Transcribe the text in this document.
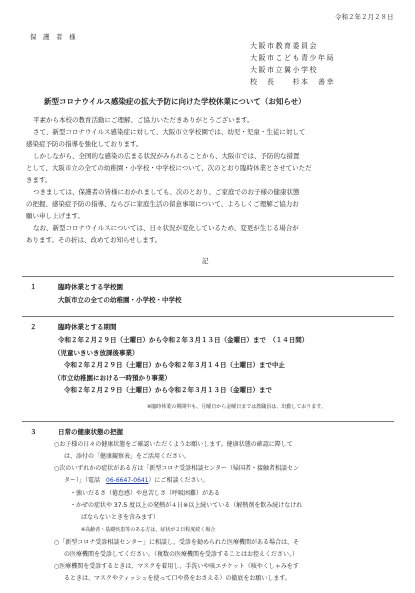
令和２年２月２８日
保　護　者　様
大阪市教育委員会
大阪市こども青少年局
大阪市立翼小学校
校　長　　杉本　善幸
新型コロナウイルス感染症の拡大予防に向けた学校休業について（お知らせ）
平素から本校の教育活動にご理解、ご協力いただきありがとうございます。
さて、新型コロナウイルス感染症に対して、大阪市立学校園では、幼児・児童・生徒に対して
感染症予防の指導を強化しております。
しかしながら、全国的な感染の広まる状況がみられることから、大阪市では、予防的な措置
として、大阪市立の全ての幼稚園・小学校・中学校について、次のとおり臨時休業とさせていただ
きます。
つきましては、保護者の皆様におかれましても、次のとおり、ご家庭でのお子様の健康状態
の把握、感染症予防の指導、ならびに家庭生活の留意事項について、よろしくご理解ご協力お
願い申し上げます。
なお、新型コロナウイルスについては、日々状況が変化しているため、変更が生じる場合が
あります。その折は、改めてお知らせします。
記
１	臨時休業とする学校園
大阪市立の全ての幼稚園・小学校・中学校
２	臨時休業とする期間
令和２年２月２９日（土曜日）から令和２年３月１３日（金曜日）まで　（１４日間）
（児童いきいき放課後事業）
令和２年２月２９日（土曜日）から令和２年３月１４日（土曜日）まで中止
（市立幼稚園における一時預かり事業）
令和２年２月２９日（土曜日）から令和２年３月１３日（金曜日）まで
※臨時休業の期間中も、月曜日から金曜日までは教職員は、出勤しております。
３	日常の健康状態の把握
○お子様の日々の健康状態をご確認いただくようお願いします。健康状態の確認に際して
は、添付の「健康観察表」をご活用ください。
○次のいずれかの症状がある方は「新型コロナ受診相談センター（帰国者・接触者相談セン
ター）」（電話　06-6647-0641）にご相談ください。
・強いだるさ（倦怠感）や息苦しさ（呼吸困難）がある
・かぜの症状や 37.5 度以上の発熱が４日※以上続いている（解熱剤を飲み続けなけれ
ばならないときを含みます）
※高齢者・基礎疾患等のある方は、症状が２日程度続く場合
○「新型コロナ受診相談センター」に相談し、受診を勧められた医療機関がある場合は、そ
の医療機関を受診してください。（複数の医療機関を受診することはお控えください。）
○医療機関を受診するときは、マスクを着用し、手洗いや咳エチケット（咳やくしゃみをす
るときは、マスクやティッシュを使って口や鼻をおさえる）の徹底をお願いします。
